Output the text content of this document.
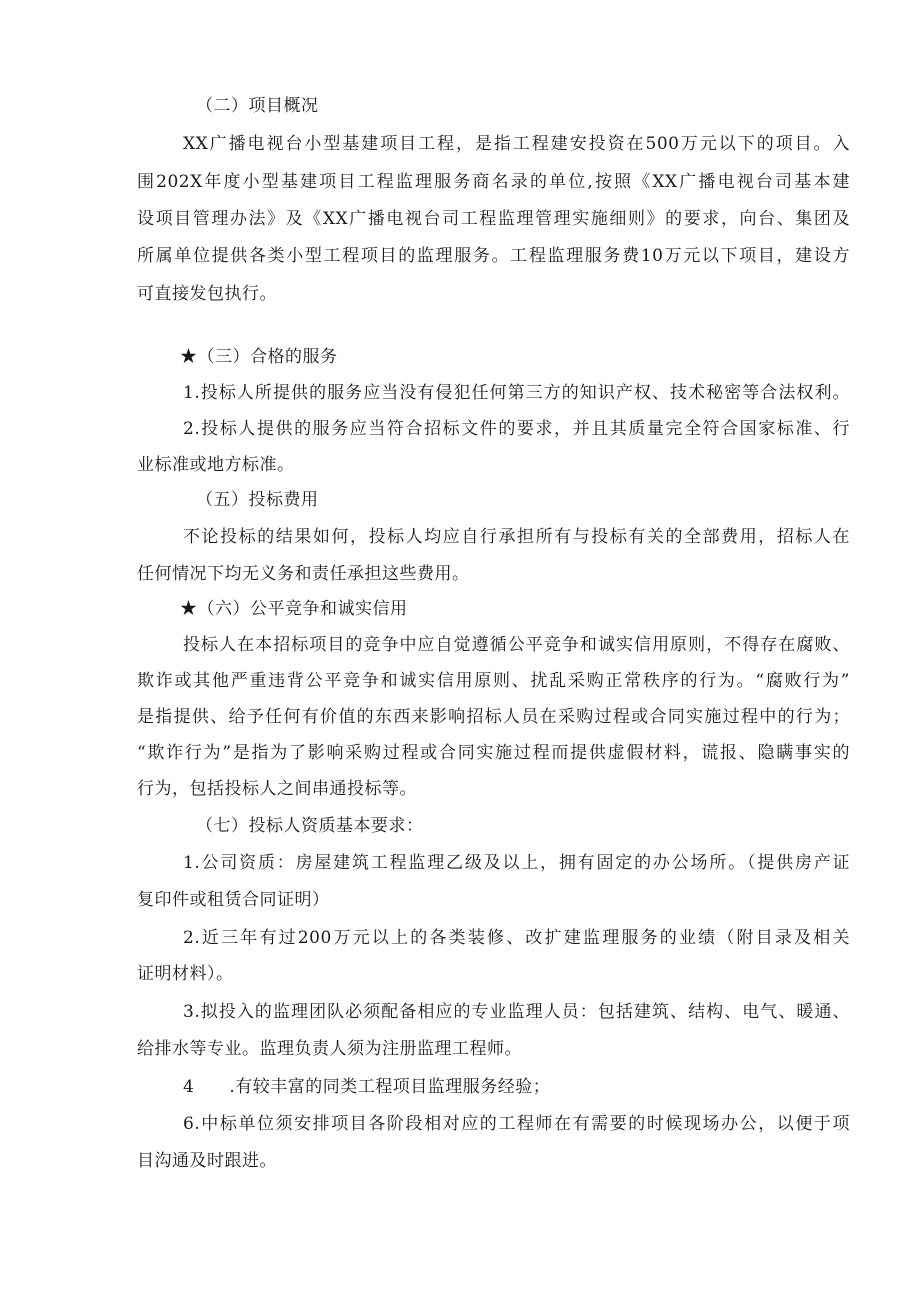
（二）项目概况
XX广播电视台小型基建项目工程，是指工程建安投资在500万元以下的项目。入
围202X年度小型基建项目工程监理服务商名录的单位,按照《XX广播电视台司基本建
设项目管理办法》及《XX广播电视台司工程监理管理实施细则》的要求，向台、集团及
所属单位提供各类小型工程项目的监理服务。工程监理服务费10万元以下项目，建设方
可直接发包执行。
★（三）合格的服务
1.投标人所提供的服务应当没有侵犯任何第三方的知识产权、技术秘密等合法权利。
2.投标人提供的服务应当符合招标文件的要求，并且其质量完全符合国家标准、行
业标准或地方标准。
（五）投标费用
不论投标的结果如何，投标人均应自行承担所有与投标有关的全部费用，招标人在
任何情况下均无义务和责任承担这些费用。
★（六）公平竞争和诚实信用
投标人在本招标项目的竞争中应自觉遵循公平竞争和诚实信用原则，不得存在腐败、
欺诈或其他严重违背公平竞争和诚实信用原则、扰乱采购正常秩序的行为。“腐败行为”
是指提供、给予任何有价值的东西来影响招标人员在采购过程或合同实施过程中的行为；
“欺诈行为”是指为了影响采购过程或合同实施过程而提供虚假材料，谎报、隐瞒事实的
行为，包括投标人之间串通投标等。
（七）投标人资质基本要求：
1.公司资质：房屋建筑工程监理乙级及以上，拥有固定的办公场所。（提供房产证
复印件或租赁合同证明）
2.近三年有过200万元以上的各类装修、改扩建监理服务的业绩（附目录及相关
证明材料）。
3.拟投入的监理团队必须配备相应的专业监理人员：包括建筑、结构、电气、暖通、
给排水等专业。监理负责人须为注册监理工程师。
4　　.有较丰富的同类工程项目监理服务经验；
6.中标单位须安排项目各阶段相对应的工程师在有需要的时候现场办公，以便于项
目沟通及时跟进。
